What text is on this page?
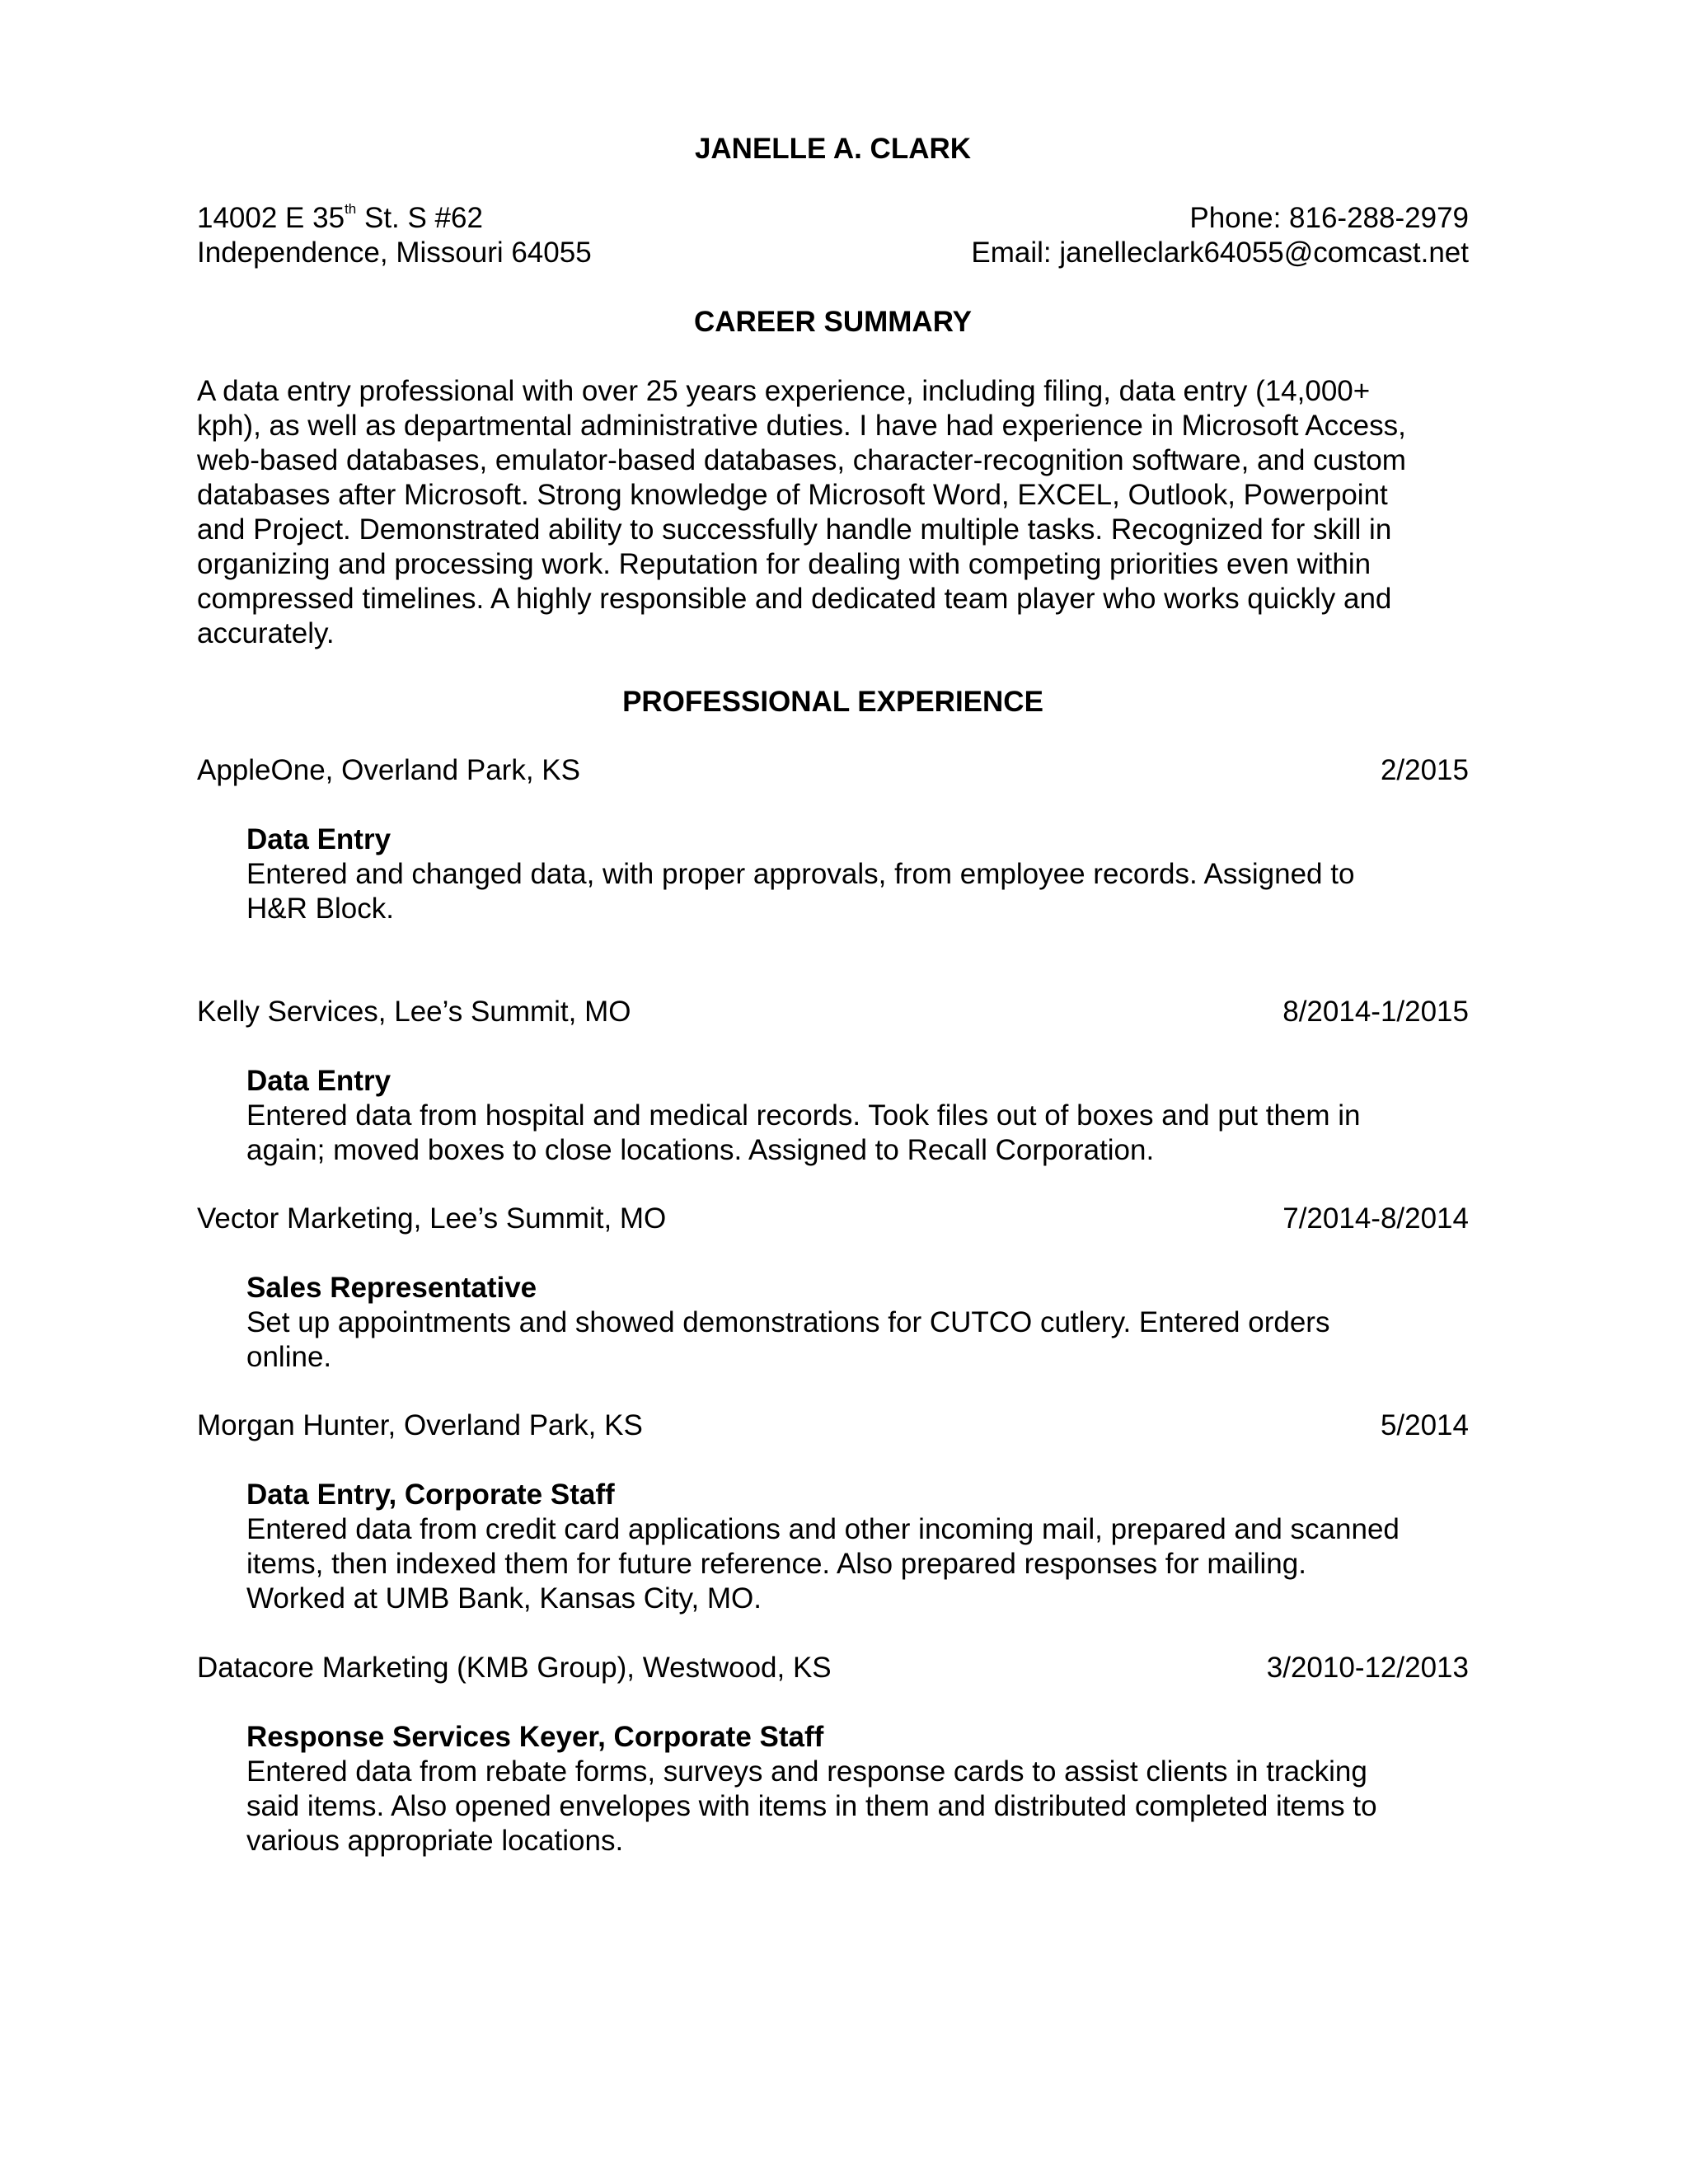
JANELLE A. CLARK
14002 E 35th St. S #62	Phone: 816-288-2979
Independence, Missouri 64055	Email: janelleclark64055@comcast.net
CAREER SUMMARY
A data entry professional with over 25 years experience, including filing, data entry (14,000+
kph), as well as departmental administrative duties. I have had experience in Microsoft Access,
web-based databases, emulator-based databases, character-recognition software, and custom
databases after Microsoft. Strong knowledge of Microsoft Word, EXCEL, Outlook, Powerpoint
and Project. Demonstrated ability to successfully handle multiple tasks. Recognized for skill in
organizing and processing work. Reputation for dealing with competing priorities even within
compressed timelines. A highly responsible and dedicated team player who works quickly and
accurately.
PROFESSIONAL EXPERIENCE
AppleOne, Overland Park, KS	2/2015
Data Entry
Entered and changed data, with proper approvals, from employee records. Assigned to
H&R Block.
Kelly Services, Lee’s Summit, MO	8/2014-1/2015
Data Entry
Entered data from hospital and medical records. Took files out of boxes and put them in
again; moved boxes to close locations. Assigned to Recall Corporation.
Vector Marketing, Lee’s Summit, MO	7/2014-8/2014
Sales Representative
Set up appointments and showed demonstrations for CUTCO cutlery. Entered orders
online.
Morgan Hunter, Overland Park, KS	5/2014
Data Entry, Corporate Staff
Entered data from credit card applications and other incoming mail, prepared and scanned
items, then indexed them for future reference. Also prepared responses for mailing.
Worked at UMB Bank, Kansas City, MO.
Datacore Marketing (KMB Group), Westwood, KS	3/2010-12/2013
Response Services Keyer, Corporate Staff
Entered data from rebate forms, surveys and response cards to assist clients in tracking
said items. Also opened envelopes with items in them and distributed completed items to
various appropriate locations.
